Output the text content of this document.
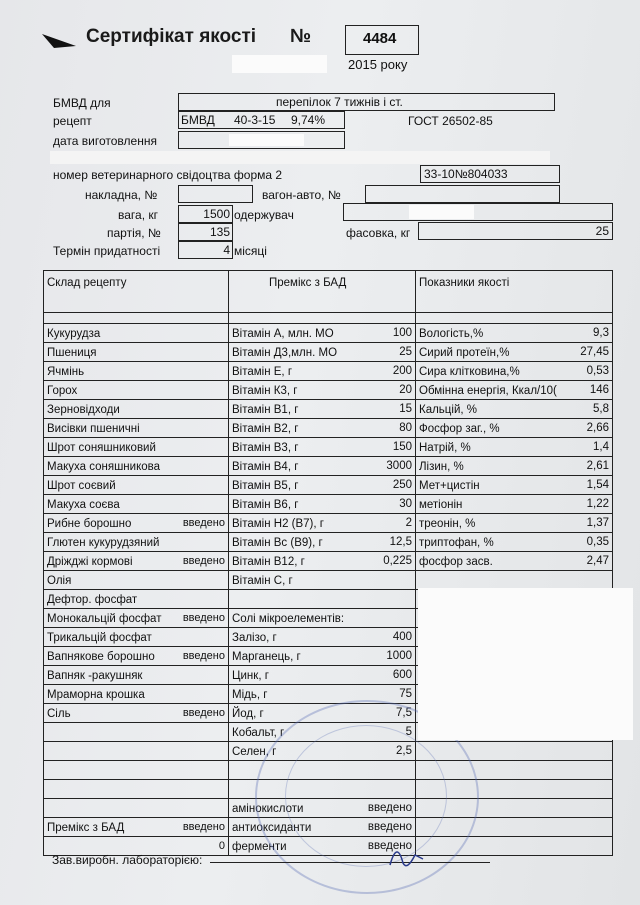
Сертифікат якості №	4484
2015 року
БМВД для	перепілок 7 тижнів і ст.
рецепт	БМВД 40-3-15 9,74%	ГОСТ 26502-85
дата виготовлення
номер ветеринарного свідоцтва форма 2	33-10№804033
накладна, №	вагон-авто, №
вага, кг	1500 одержувач
партія, №	135	фасовка, кг	25
Термін придатності	4 місяці
Склад рецепту	Премікс з БАД	Показники якості

Кукурудза	Вітамін А, млн. МО 100	Вологість,% 9,3

Пшениця	Вітамін Д3,млн. МО 25	Сирий протеїн,% 27,45

Ячмінь	Вітамін Е, г 200	Сира клітковина,% 0,53

Горох	Вітамін К3, г 20	Обмінна енергія, Ккал/10( 146

Зерновідходи	Вітамін В1, г 15	Кальцій, % 5,8

Висівки пшеничні	Вітамін В2, г 80	Фосфор заг., % 2,66

Шрот соняшниковий	Вітамін В3, г 150	Натрій, % 1,4

Макуха соняшникова	Вітамін В4, г 3000	Лізин, % 2,61

Шрот соєвий	Вітамін В5, г 250	Мет+цистін 1,54

Макуха соєва	Вітамін В6, г 30	метіонін 1,22

Рибне борошно введено	Вітамін Н2 (В7), г 2	треонін, % 1,37

Глютен кукурудзяний	Вітамін Вс (В9), г 12,5	триптофан, % 0,35

Дріжджі кормові введено	Вітамін В12, г 0,225	фосфор засв. 2,47

Олія	Вітамін С, г

Дефтор. фосфат

Монокальцій фосфат введено	Солі мікроелементів:

Трикальцій фосфат	Залізо, г 400	

Вапнякове борошно введено	Марганець, г 1000	

Вапняк -ракушняк	Цинк, г 600	

Мраморна крошка	Мідь, г 75	

Сіль введено	Йод, г 7,5	

	Кобальт, г 5	

	Селен, г 2,5	

	амінокислоти введено	

Премікс з БАД введено	антиоксиданти введено	

0	ферменти введено	

Зав.виробн. лабораторією:
